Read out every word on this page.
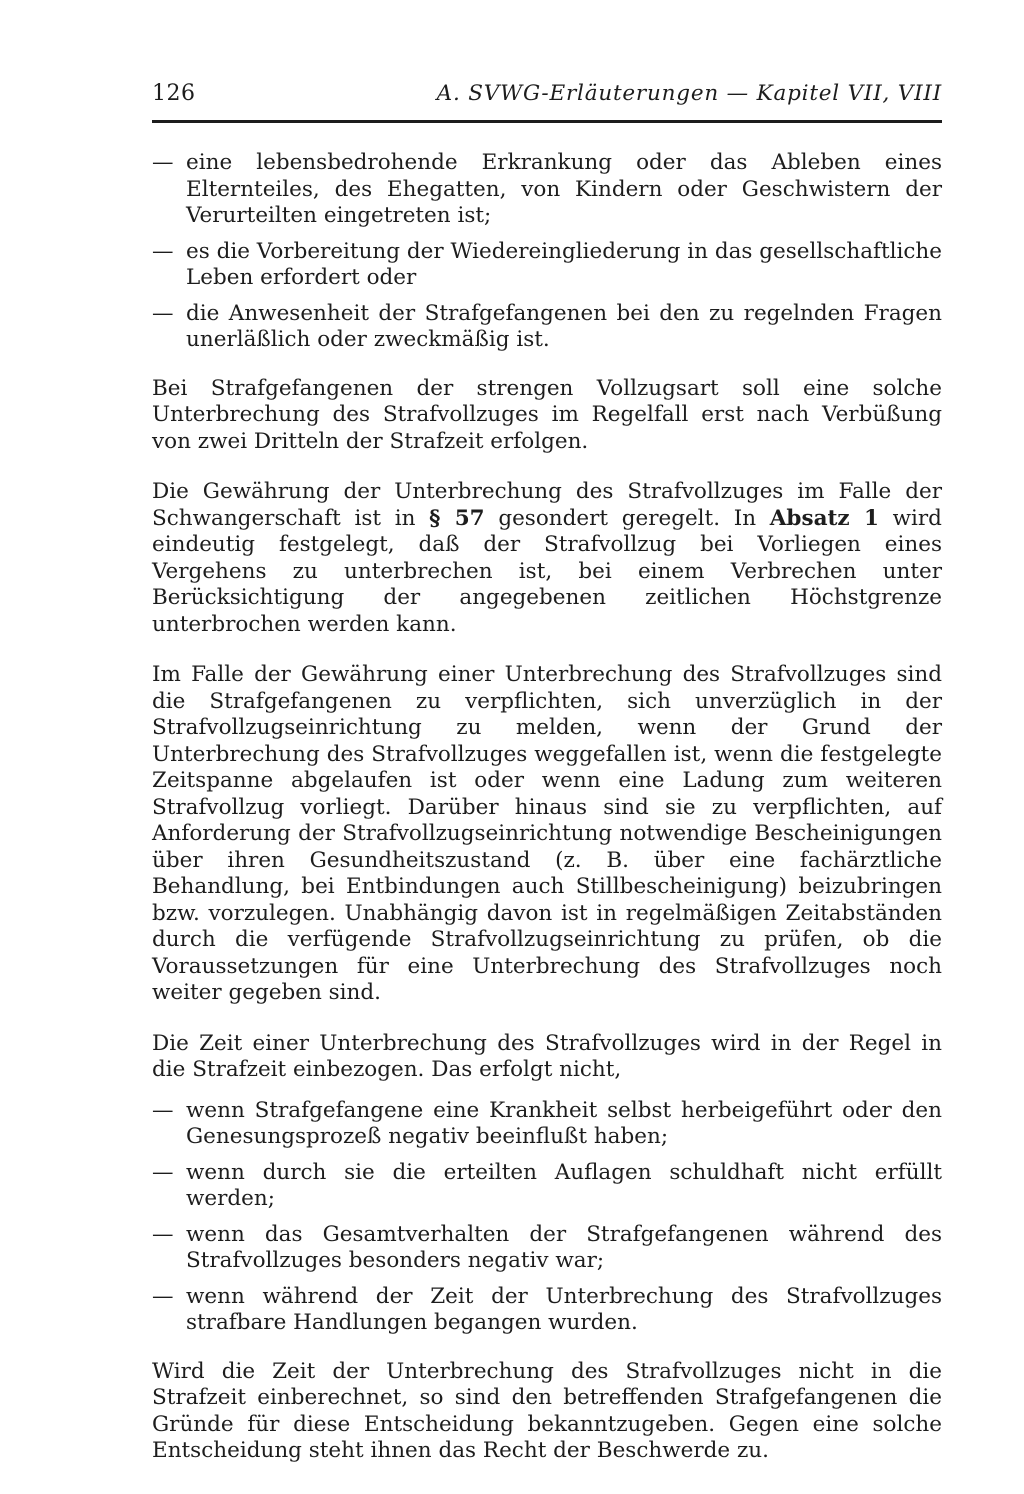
126	A. SVWG-Erläuterungen — Kapitel VII, VIII
— eine lebensbedrohende Erkrankung oder das Ableben eines Elternteiles, des Ehegatten, von Kindern oder Geschwistern der Verurteilten eingetreten ist;
— es die Vorbereitung der Wiedereingliederung in das gesellschaftliche Leben erfordert oder
— die Anwesenheit der Strafgefangenen bei den zu regelnden Fragen unerläßlich oder zweckmäßig ist.

Bei Strafgefangenen der strengen Vollzugsart soll eine solche Unterbrechung des Strafvollzuges im Regelfall erst nach Verbüßung von zwei Dritteln der Strafzeit erfolgen.

Die Gewährung der Unterbrechung des Strafvollzuges im Falle der Schwangerschaft ist in § 57 gesondert geregelt. In Absatz 1 wird eindeutig festgelegt, daß der Strafvollzug bei Vorliegen eines Vergehens zu unterbrechen ist, bei einem Verbrechen unter Berücksichtigung der angegebenen zeitlichen Höchstgrenze unterbrochen werden kann.

Im Falle der Gewährung einer Unterbrechung des Strafvollzuges sind die Strafgefangenen zu verpflichten, sich unverzüglich in der Strafvollzugseinrichtung zu melden, wenn der Grund der Unterbrechung des Strafvollzuges weggefallen ist, wenn die festgelegte Zeitspanne abgelaufen ist oder wenn eine Ladung zum weiteren Strafvollzug vorliegt. Darüber hinaus sind sie zu verpflichten, auf Anforderung der Strafvollzugseinrichtung notwendige Bescheinigungen über ihren Gesundheitszustand (z. B. über eine fachärztliche Behandlung, bei Entbindungen auch Stillbescheinigung) beizubringen bzw. vorzulegen. Unabhängig davon ist in regelmäßigen Zeitabständen durch die verfügende Strafvollzugseinrichtung zu prüfen, ob die Voraussetzungen für eine Unterbrechung des Strafvollzuges noch weiter gegeben sind.

Die Zeit einer Unterbrechung des Strafvollzuges wird in der Regel in die Strafzeit einbezogen. Das erfolgt nicht,

— wenn Strafgefangene eine Krankheit selbst herbeigeführt oder den Genesungsprozeß negativ beeinflußt haben;
— wenn durch sie die erteilten Auflagen schuldhaft nicht erfüllt werden;
— wenn das Gesamtverhalten der Strafgefangenen während des Strafvollzuges besonders negativ war;
— wenn während der Zeit der Unterbrechung des Strafvollzuges strafbare Handlungen begangen wurden.

Wird die Zeit der Unterbrechung des Strafvollzuges nicht in die Strafzeit einberechnet, so sind den betreffenden Strafgefangenen die Gründe für diese Entscheidung bekanntzugeben. Gegen eine solche Entscheidung steht ihnen das Recht der Beschwerde zu.
